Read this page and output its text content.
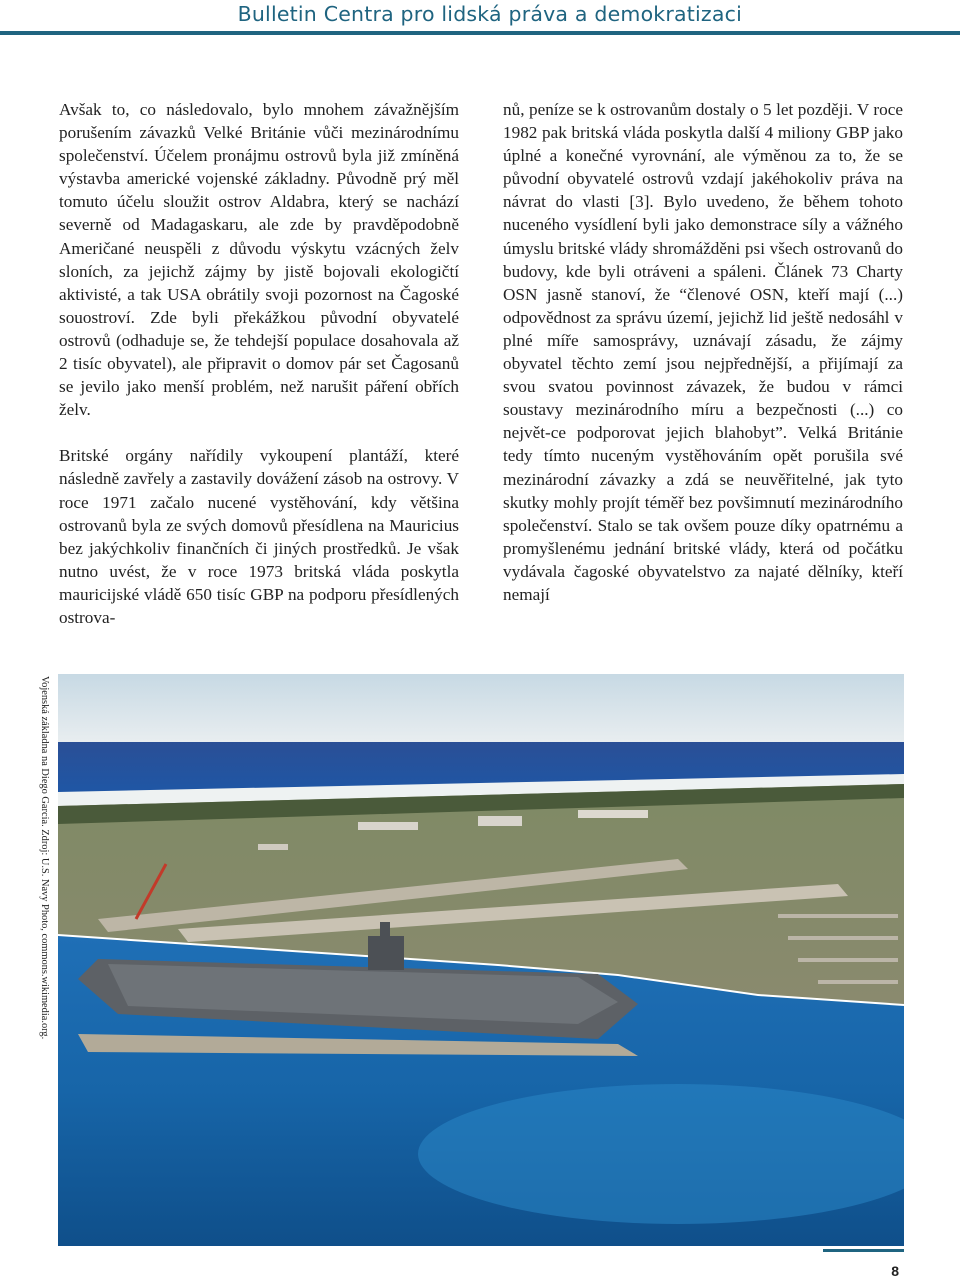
Bulletin Centra pro lidská práva a demokratizaci

Avšak to, co následovalo, bylo mnohem závažnějším porušením závazků Velké Británie vůči mezinárodnímu společenství. Účelem pronájmu ostrovů byla již zmíněná výstavba americké vojenské základny. Původně prý měl tomuto účelu sloužit ostrov Aldabra, který se nachází severně od Madagaskaru, ale zde by pravděpodobně Američané neuspěli z důvodu výskytu vzácných želv sloních, za jejichž zájmy by jistě bojovali ekologičtí aktivisté, a tak USA obrátily svoji pozornost na Čagoské souostroví. Zde byli překážkou původní obyvatelé ostrovů (odhaduje se, že tehdejší populace dosahovala až 2 tisíc obyvatel), ale připravit o domov pár set Čagosanů se jevilo jako menší problém, než narušit páření obřích želv.

Britské orgány nařídily vykoupení plantáží, které následně zavřely a zastavily dovážení zásob na ostrovy. V roce 1971 začalo nucené vystěhování, kdy většina ostrovanů byla ze svých domovů přesídlena na Mauricius bez jakýchkoliv finančních či jiných prostředků. Je však nutno uvést, že v roce 1973 britská vláda poskytla mauricijské vládě 650 tisíc GBP na podporu přesídlených ostrova-

nů, peníze se k ostrovanům dostaly o 5 let později. V roce 1982 pak britská vláda poskytla další 4 miliony GBP jako úplné a konečné vyrovnání, ale výměnou za to, že se původní obyvatelé ostrovů vzdají jakéhokoliv práva na návrat do vlasti [3]. Bylo uvedeno, že během tohoto nuceného vysídlení byli jako demonstrace síly a vážného úmyslu britské vlády shromážděni psi všech ostrovanů do budovy, kde byli otráveni a spáleni. Článek 73 Charty OSN jasně stanoví, že “členové OSN, kteří mají (...) odpovědnost za správu území, jejichž lid ještě nedosáhl v plné míře samosprávy, uznávají zásadu, že zájmy obyvatel těchto zemí jsou nejpřednější, a přijímají za svou svatou povinnost závazek, že budou v rámci soustavy mezinárodního míru a bezpečnosti (...) co největ-ce podporovat jejich blahobyt”. Velká Británie tedy tímto nuceným vystěhováním opět porušila své mezinárodní závazky a zdá se neuvěřitelné, jak tyto skutky mohly projít téměř bez povšimnutí mezinárodního společenství. Stalo se tak ovšem pouze díky opatrnému a promyšlenému jednání britské vlády, která od počátku vydávala čagoské obyvatelstvo za najaté dělníky, kteří nemají

Vojenská základna na Diego Garcia. Zdroj: U.S. Navy Photo, commons.wikimedia.org.
8
